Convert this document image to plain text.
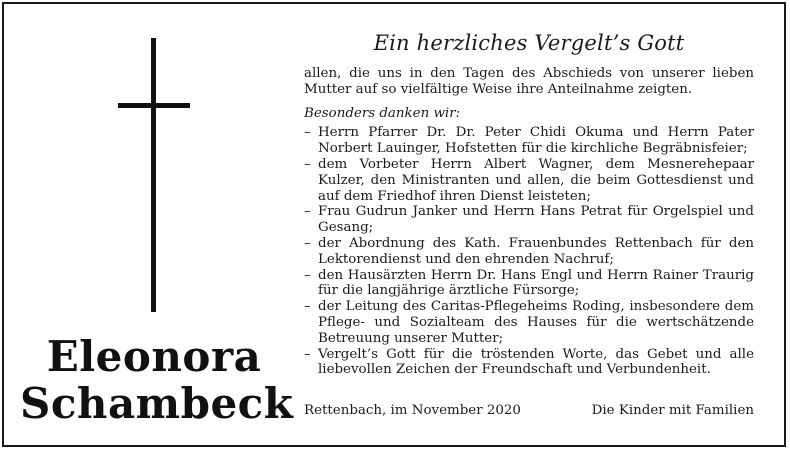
Eleonora
Schambeck
Ein herzliches Vergelt’s Gott

allen, die uns in den Tagen des Abschieds von unserer lieben Mutter auf so vielfältige Weise ihre Anteilnahme zeigten.

Besonders danken wir:

– Herrn Pfarrer Dr. Dr. Peter Chidi Okuma und Herrn Pater Norbert Lauinger, Hofstetten für die kirchliche Begräbnisfeier;
– dem Vorbeter Herrn Albert Wagner, dem Mesnerehepaar Kulzer, den Ministranten und allen, die beim Gottesdienst und auf dem Friedhof ihren Dienst leisteten;
– Frau Gudrun Janker und Herrn Hans Petrat für Orgelspiel und Gesang;
– der Abordnung des Kath. Frauenbundes Rettenbach für den Lektorendienst und den ehrenden Nachruf;
– den Hausärzten Herrn Dr. Hans Engl und Herrn Rainer Traurig für die langjährige ärztliche Fürsorge;
– der Leitung des Caritas-Pflegeheims Roding, insbesondere dem Pflege- und Sozialteam des Hauses für die wertschätzende Betreuung unserer Mutter;
– Vergelt’s Gott für die tröstenden Worte, das Gebet und alle liebevollen Zeichen der Freundschaft und Verbundenheit.
Rettenbach, im November 2020	Die Kinder mit Familien
